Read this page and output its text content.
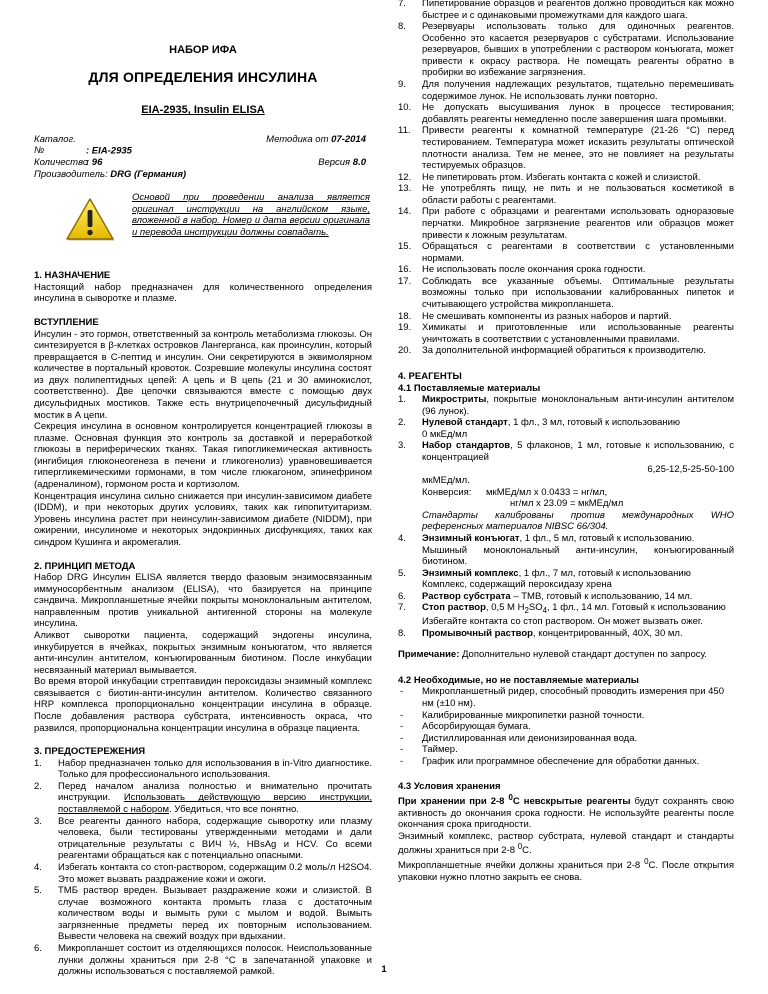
НАБОР ИФА
ДЛЯ ОПРЕДЕЛЕНИЯ ИНСУЛИНА
EIA-2935, Insulin ELISA
Каталог. №	: EIA-2935
Методика от 07-2014
Количество: 96	Версия 8.0
Производитель: DRG (Германия)
Основой при проведении анализа является оригинал инструкции на английском языке, вложенной в набор. Номер и дата версии оригинала и перевода инструкции должны совпадать.
1. НАЗНАЧЕНИЕ

Настоящий набор предназначен для количественного определения инсулина в сыворотке и плазме.

ВСТУПЛЕНИЕ

Инсулин - это гормон, ответственный за контроль метаболизма глюкозы. Он синтезируется в β-клетках островков Лангерганса, как проинсулин, который превращается в С-пептид и инсулин. Они секретируются в эквимолярном количестве в портальный кровоток. Созревшие молекулы инсулина состоят из двух полипептидных цепей: А цепь и В цепь (21 и 30 аминокислот, соответственно). Две цепочки связываются вместе с помощью двух дисульфидных мостиков. Также есть внутрицепочечный дисульфидный мостик в А цепи.

Секреция инсулина в основном контролируется концентрацией глюкозы в плазме. Основная функция это контроль за доставкой и переработкой глюкозы в периферических тканях. Такая гипогликемическая активность (ингибиция глюконеогенеза в печени и гликогенолиз) уравновешивается гипергликемическими гормонами, в том числе глюкагоном, эпинефрином (адреналином), гормоном роста и кортизолом.

Концентрация инсулина сильно снижается при инсулин-зависимом диабете (IDDM), и при некоторых других условиях, таких как гипопитуитаризм. Уровень инсулина растет при неинсулин-зависимом диабете (NIDDM), при ожирении, инсулиноме и некоторых эндокринных дисфункциях, таких как синдром Кушинга и акромегалия.

2. ПРИНЦИП МЕТОДА

Набор DRG Инсулин ELISA является твердо фазовым энзимосвязанным иммуносорбентным анализом (ELISA), что базируется на принципе сэндвича. Микропланшетные ячейки покрыты моноклональным антителом, направленным против уникальной антигенной стороны на молекуле инсулина.

Аликвот сыворотки пациента, содержащий эндогены инсулина, инкубируется в ячейках, покрытых энзимным конъюгатом, что является анти-инсулин антителом, конъюгированным биотином. После инкубации несвязанный материал вымывается.

Во время второй инкубации стрептавидин пероксидазы энзимный комплекс связывается с биотин-анти-инсулин антителом. Количество связанного HRP комплекса пропорционально концентрации инсулина в образце. После добавления раствора субстрата, интенсивность окраса, что развился, пропорциональна концентрации инсулина в образце пациента.

3. ПРЕДОСТЕРЕЖЕНИЯ
1. Набор предназначен только для использования в in-Vitro диагностике. Только для профессионального использования.
2. Перед началом анализа полностью и внимательно прочитать инструкции. Использовать действующую версию инструкции, поставляемой с набором. Убедиться, что все понятно.
3. Все реагенты данного набора, содержащие сыворотку или плазму человека, были тестированы утвержденными методами и дали отрицательные результаты с ВИЧ ½, HBsAg и HCV. Со всеми реагентами обращаться как с потенциально опасными.
4. Избегать контакта со стоп-раствором, содержащим 0.2 моль/л H2SO4. Это может вызвать раздражение кожи и ожоги.
5. ТМБ раствор вреден. Вызывает раздражение кожи и слизистой. В случае возможного контакта промыть глаза с достаточным количеством воды и вымыть руки с мылом и водой. Вымыть загрязненные предметы перед их повторным использованием. Вывести человека на свежий воздух при вдыхании.
6. Микропланшет состоит из отделяющихся полосок. Неиспользованные лунки должны храниться при 2-8 °С в запечатанной упаковке и должны использоваться с поставляемой рамкой.
7. Пипетирование образцов и реагентов должно проводиться как можно быстрее и с одинаковыми промежутками для каждого шага.
8. Резервуары использовать только для одиночных реагентов. Особенно это касается резервуаров с субстратами. Использование резервуаров, бывших в употреблении с раствором конъюгата, может привести к окрасу раствора. Не помещать реагенты обратно в пробирки во избежание загрязнения.
9. Для получения надлежащих результатов, тщательно перемешивать содержимое лунок. Не использовать лунки повторно.
10. Не допускать высушивания лунок в процессе тестирования; добавлять реагенты немедленно после завершения шага промывки.
11. Привести реагенты к комнатной температуре (21-26 °С) перед тестированием. Температура может исказить результаты оптической плотности анализа. Тем не менее, это не повлияет на результаты тестируемых образцов.
12. Не пипетировать ртом. Избегать контакта с кожей и слизистой.
13. Не употреблять пищу, не пить и не пользоваться косметикой в области работы с реагентами.
14. При работе с образцами и реагентами использовать одноразовые перчатки. Микробное загрязнение реагентов или образцов может привести к ложным результатам.
15. Обращаться с реагентами в соответствии с установленными нормами.
16. Не использовать после окончания срока годности.
17. Соблюдать все указанные объемы. Оптимальные результаты возможны только при использовании калиброванных пипеток и считывающего устройства микропланшета.
18. Не смешивать компоненты из разных наборов и партий.
19. Химикаты и приготовленные или использованные реагенты уничтожать в соответствии с установленными правилами.
20. За дополнительной информацией обратиться к производителю.
4. РЕАГЕНТЫ
4.1 Поставляемые материалы
1. Микростриты, покрытые моноклональным анти-инсулин антителом (96 лунок).
2. Нулевой стандарт, 1 фл., 3 мл, готовый к использованию
0 мкЕд/мл
3. Набор стандартов, 5 флаконов, 1 мл, готовые к использованию, с концентрацией

6,25-12,5-25-50-100
мкМЕд/мл.
Конверсия:	мкМЕд/мл x 0.0433 = нг/мл,
нг/мл x 23.09 = мкМЕд/мл
Стандарты калиброваны против международных WHO референсных материалов NIBSC 66/304.
4. Энзимный конъюгат, 1 фл., 5 мл, готовый к использованию.
Мышиный моноклональный анти-инсулин, конъюгированный биотином.
5. Энзимный комплекс, 1 фл., 7 мл, готовый к использованию
Комплекс, содержащий пероксидазу хрена
6. Раствор субстрата – ТМВ, готовый к использованию, 14 мл.
7. Стоп раствор, 0,5 М $H_2SO_4$, 1 фл., 14 мл. Готовый к использованию
Избегайте контакта со стоп раствором. Он может вызвать ожег.
8. Промывочный раствор, концентрированный, 40X, 30 мл.

Примечание: Дополнительно нулевой стандарт доступен по запросу.

4.2 Необходимые, но не поставляемые материалы
- Микропланшетный ридер, способный проводить измерения при 450 нм (±10 нм).
- Калибрированные микропипетки разной точности.
- Абсорбирующая бумага.
- Дистиллированная или деионизированная вода.
- Таймер.
- График или программное обеспечение для обработки данных.
4.3 Условия хранения

При хранении при 2-8 $^0$С невскрытые реагенты будут сохранять свою активность до окончания срока годности. Не используйте реагенты после окончания срока пригодности.

Энзимный комплекс, раствор субстрата, нулевой стандарт и стандарты должны храниться при 2-8 $^0$С.

Микропланшетные ячейки должны храниться при 2-8 $^0$С. После открытия упаковки нужно плотно закрыть ее снова.

1
